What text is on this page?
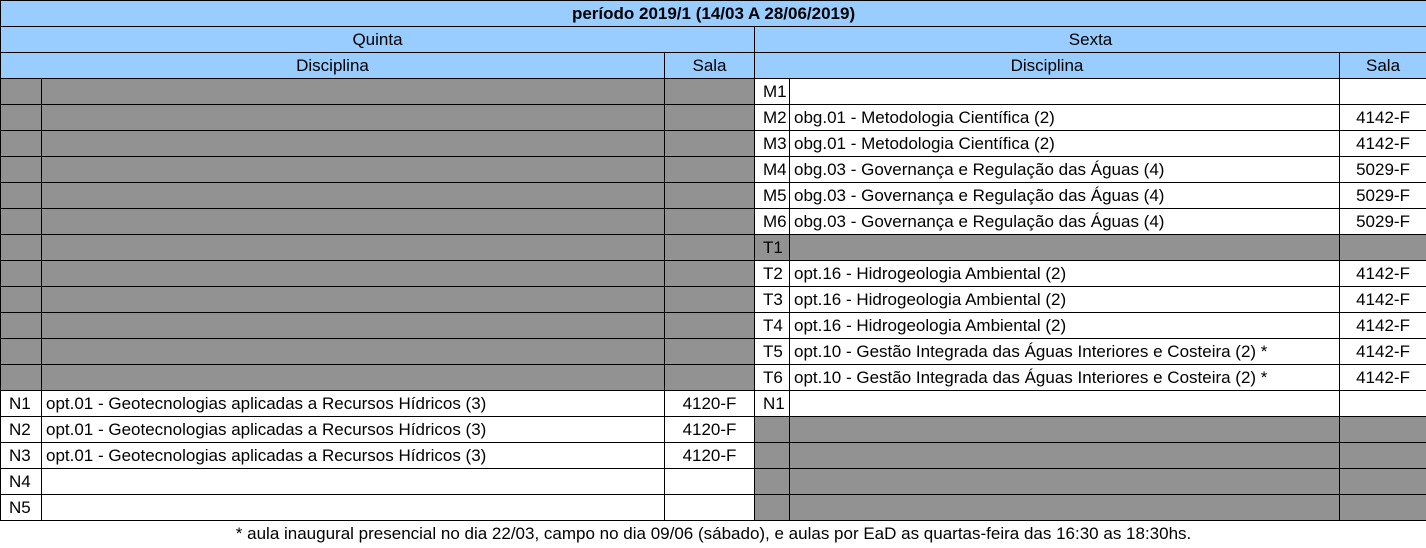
período 2019/1 (14/03 A 28/06/2019)					
Quinta			Sexta		
Disciplina		Sala	Disciplina		Sala
			M1		
			M2	obg.01 - Metodologia Científica (2)	4142-F
			M3	obg.01 - Metodologia Científica (2)	4142-F
			M4	obg.03 - Governança e Regulação das Águas (4)	5029-F
			M5	obg.03 - Governança e Regulação das Águas (4)	5029-F
			M6	obg.03 - Governança e Regulação das Águas (4)	5029-F
			T1		
			T2	opt.16 - Hidrogeologia Ambiental (2)	4142-F
			T3	opt.16 - Hidrogeologia Ambiental (2)	4142-F
			T4	opt.16 - Hidrogeologia Ambiental (2)	4142-F
			T5	opt.10 - Gestão Integrada das Águas Interiores e Costeira (2) *	4142-F
			T6	opt.10 - Gestão Integrada das Águas Interiores e Costeira (2) *	4142-F
N1	opt.01 - Geotecnologias aplicadas a Recursos Hídricos (3)	4120-F	N1		
N2	opt.01 - Geotecnologias aplicadas a Recursos Hídricos (3)	4120-F			
N3	opt.01 - Geotecnologias aplicadas a Recursos Hídricos (3)	4120-F			
N4					
N5					
* aula inaugural presencial no dia 22/03, campo no dia 09/06 (sábado), e aulas por EaD as quartas-feira das 16:30 as 18:30hs.					
